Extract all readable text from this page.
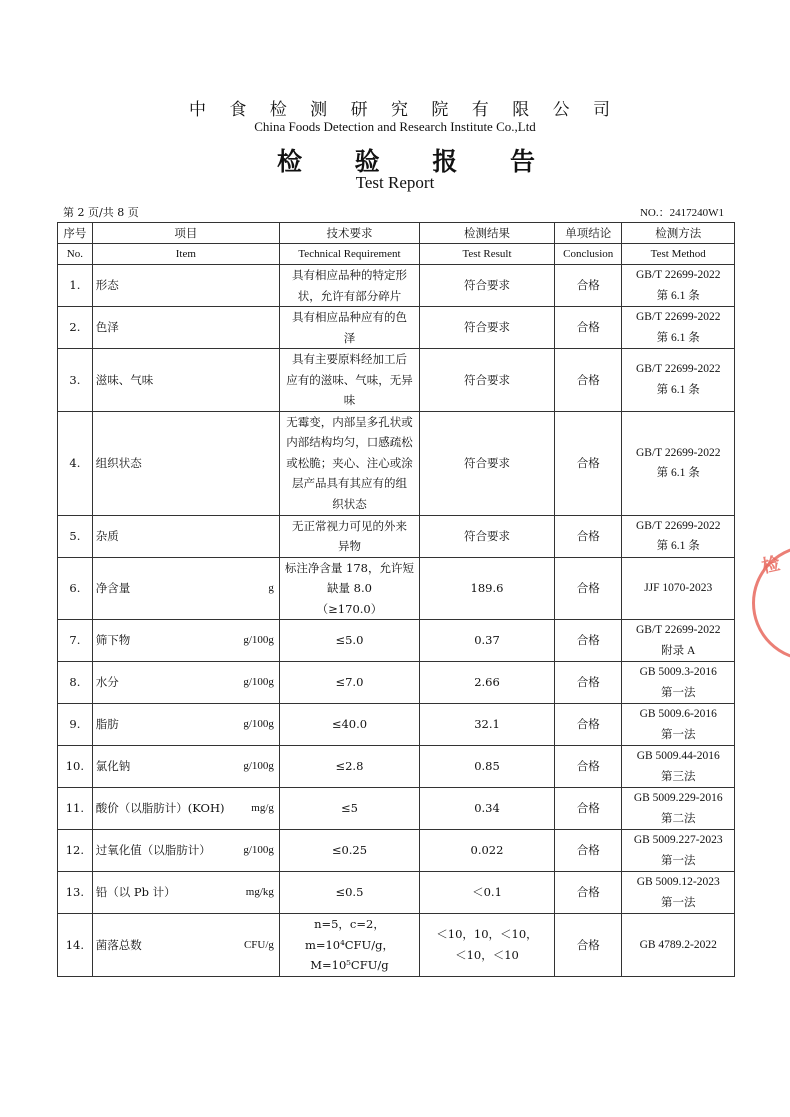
中 食 检 测 研 究 院 有 限 公 司
China Foods Detection and Research Institute Co.,Ltd
检 验 报 告
Test Report
第 2 页/共 8 页	NO.：2417240W1
序号	项目	技术要求	检测结果	单项结论	检测方法
No.	Item	Technical Requirement	Test Result	Conclusion	Test Method
1.	形态	具有相应品种的特定形
状，允许有部分碎片	符合要求	合格	GB/T 22699-2022
第 6.1 条

2.	色泽	具有相应品种应有的色
泽	符合要求	合格	GB/T 22699-2022
第 6.1 条

3.	滋味、气味	具有主要原料经加工后
应有的滋味、气味，无异
味	符合要求	合格	GB/T 22699-2022
第 6.1 条

4.	组织状态	无霉变，内部呈多孔状或
内部结构均匀，口感疏松
或松脆；夹心、注心或涂
层产品具有其应有的组
织状态	符合要求	合格	GB/T 22699-2022
第 6.1 条

5.	杂质	无正常视力可见的外来
异物	符合要求	合格	GB/T 22699-2022
第 6.1 条

6.	净含量 g	标注净含量 178，允许短
缺量 8.0
（≥170.0）	189.6	合格	JJF 1070-2023

7.	筛下物 g/100g	≤5.0	0.37	合格	GB/T 22699-2022
附录 A

8.	水分 g/100g	≤7.0	2.66	合格	GB 5009.3-2016
第一法

9.	脂肪 g/100g	≤40.0	32.1	合格	GB 5009.6-2016
第一法

10.	氯化钠 g/100g	≤2.8	0.85	合格	GB 5009.44-2016
第三法

11.	酸价（以脂肪计）(KOH) mg/g	≤5	0.34	合格	GB 5009.229-2016
第二法

12.	过氧化值（以脂肪计） g/100g	≤0.25	0.022	合格	GB 5009.227-2023
第一法

13.	铅（以 Pb 计） mg/kg	≤0.5	＜0.1	合格	GB 5009.12-2023
第一法

14.	菌落总数 CFU/g	n=5，c=2，
m=10⁴CFU/g，
M=10⁵CFU/g	＜10，10，＜10，
＜10，＜10	合格	GB 4789.2-2022
检
